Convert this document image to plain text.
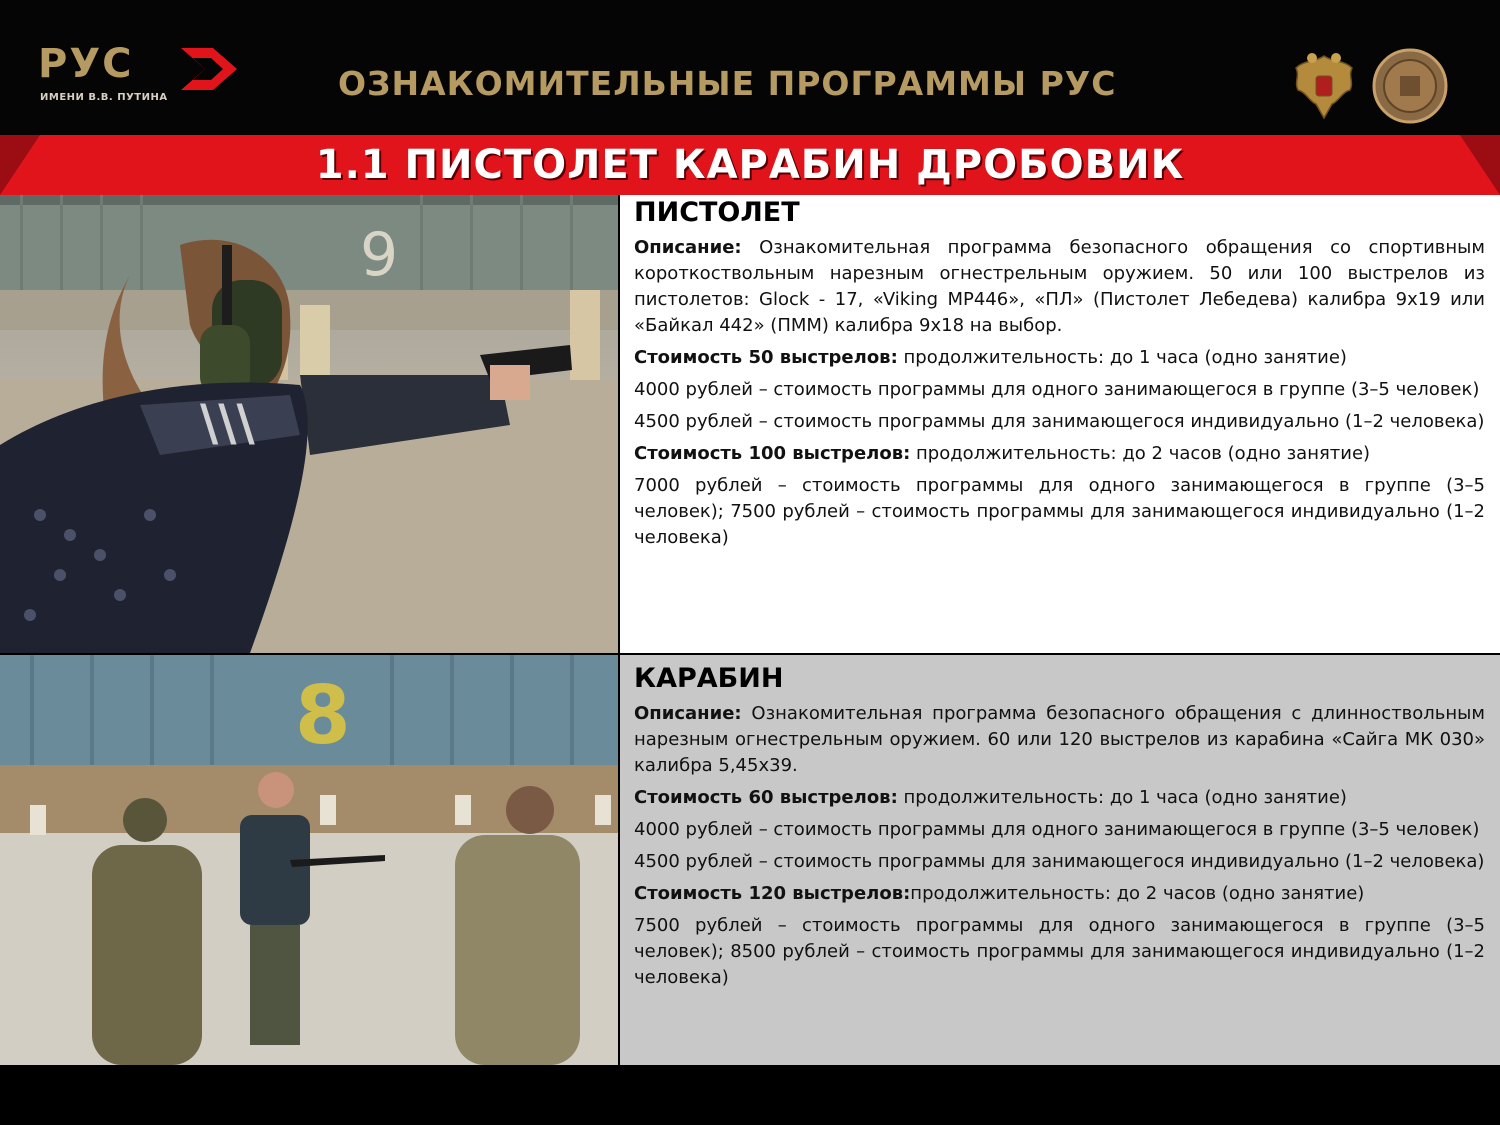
РУС
ИМЕНИ В.В. ПУТИНА	ОЗНАКОМИТЕЛЬНЫЕ ПРОГРАММЫ РУС
1.1 ПИСТОЛЕТ КАРАБИН ДРОБОВИК
9
\\\
8
ПИСТОЛЕТ
Описание: Ознакомительная программа безопасного обращения со спортивным короткоствольным нарезным огнестрельным оружием. 50 или 100 выстрелов из пистолетов: Glock - 17, «Viking МР446», «ПЛ» (Пистолет Лебедева) калибра 9х19 или «Байкал 442» (ПММ) калибра 9х18 на выбор.
Стоимость 50 выстрелов: продолжительность: до 1 часа (одно занятие)
4000 рублей – стоимость программы для одного занимающегося в группе (3–5 человек)
4500 рублей – стоимость программы для занимающегося индивидуально (1–2 человека)
Стоимость 100 выстрелов: продолжительность: до 2 часов (одно занятие)
7000 рублей – стоимость программы для одного занимающегося в группе (3–5 человек); 7500 рублей – стоимость программы для занимающегося индивидуально (1–2 человека)
КАРАБИН
Описание: Ознакомительная программа безопасного обращения с длинноствольным нарезным огнестрельным оружием. 60 или 120 выстрелов из карабина «Сайга МК 030» калибра 5,45х39.
Стоимость 60 выстрелов: продолжительность: до 1 часа (одно занятие)
4000 рублей – стоимость программы для одного занимающегося в группе (3–5 человек)
4500 рублей – стоимость программы для занимающегося индивидуально (1–2 человека)
Стоимость 120 выстрелов:продолжительность: до 2 часов (одно занятие)
7500 рублей – стоимость программы для одного занимающегося в группе (3–5 человек); 8500 рублей – стоимость программы для занимающегося индивидуально (1–2 человека)
